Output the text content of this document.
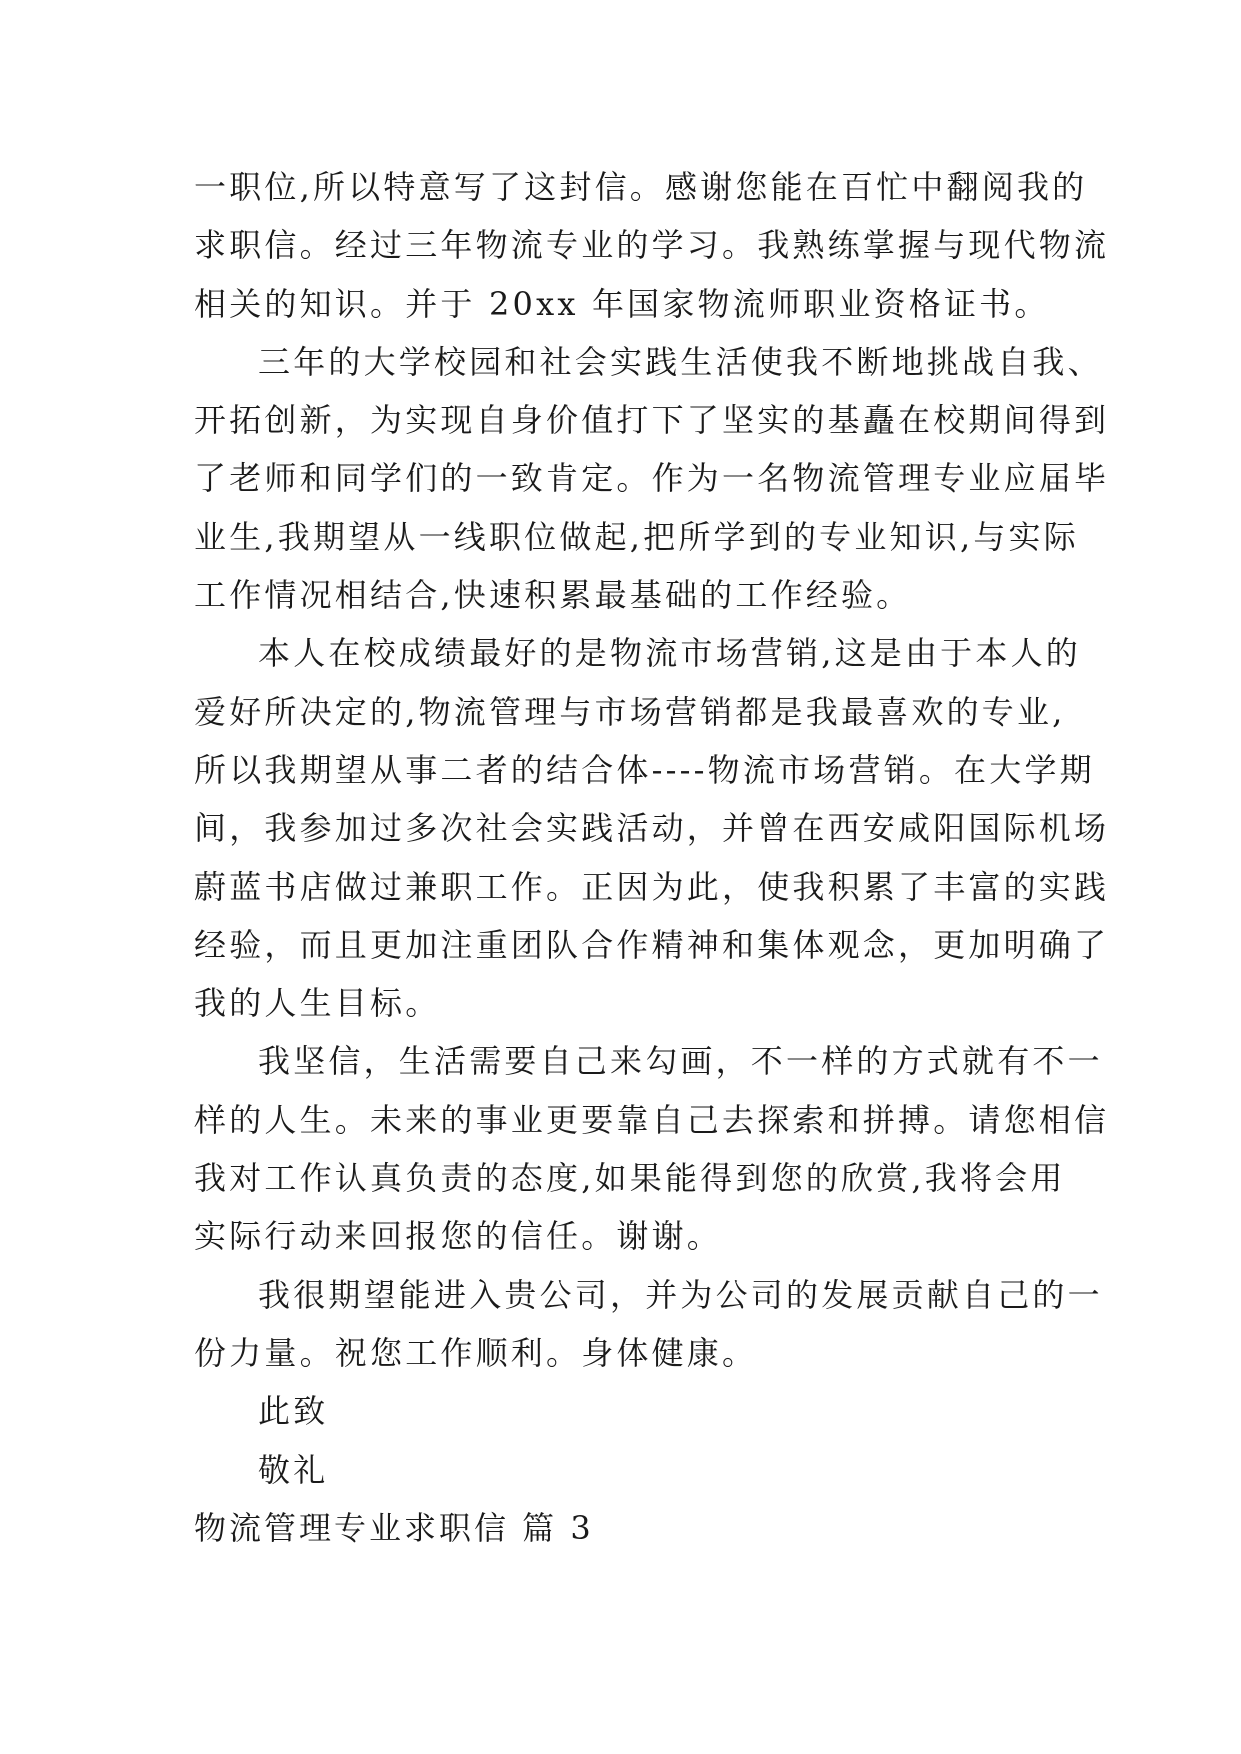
一职位,所以特意写了这封信。感谢您能在百忙中翻阅我的
求职信。经过三年物流专业的学习。我熟练掌握与现代物流
相关的知识。并于 20xx 年国家物流师职业资格证书。
三年的大学校园和社会实践生活使我不断地挑战自我、
开拓创新，为实现自身价值打下了坚实的基矗在校期间得到
了老师和同学们的一致肯定。作为一名物流管理专业应届毕
业生,我期望从一线职位做起,把所学到的专业知识,与实际
工作情况相结合,快速积累最基础的工作经验。
本人在校成绩最好的是物流市场营销,这是由于本人的
爱好所决定的,物流管理与市场营销都是我最喜欢的专业,
所以我期望从事二者的结合体----物流市场营销。在大学期
间，我参加过多次社会实践活动，并曾在西安咸阳国际机场
蔚蓝书店做过兼职工作。正因为此，使我积累了丰富的实践
经验，而且更加注重团队合作精神和集体观念，更加明确了
我的人生目标。
我坚信，生活需要自己来勾画，不一样的方式就有不一
样的人生。未来的事业更要靠自己去探索和拼搏。请您相信
我对工作认真负责的态度,如果能得到您的欣赏,我将会用
实际行动来回报您的信任。谢谢。
我很期望能进入贵公司，并为公司的发展贡献自己的一
份力量。祝您工作顺利。身体健康。
此致
敬礼
物流管理专业求职信 篇 3
